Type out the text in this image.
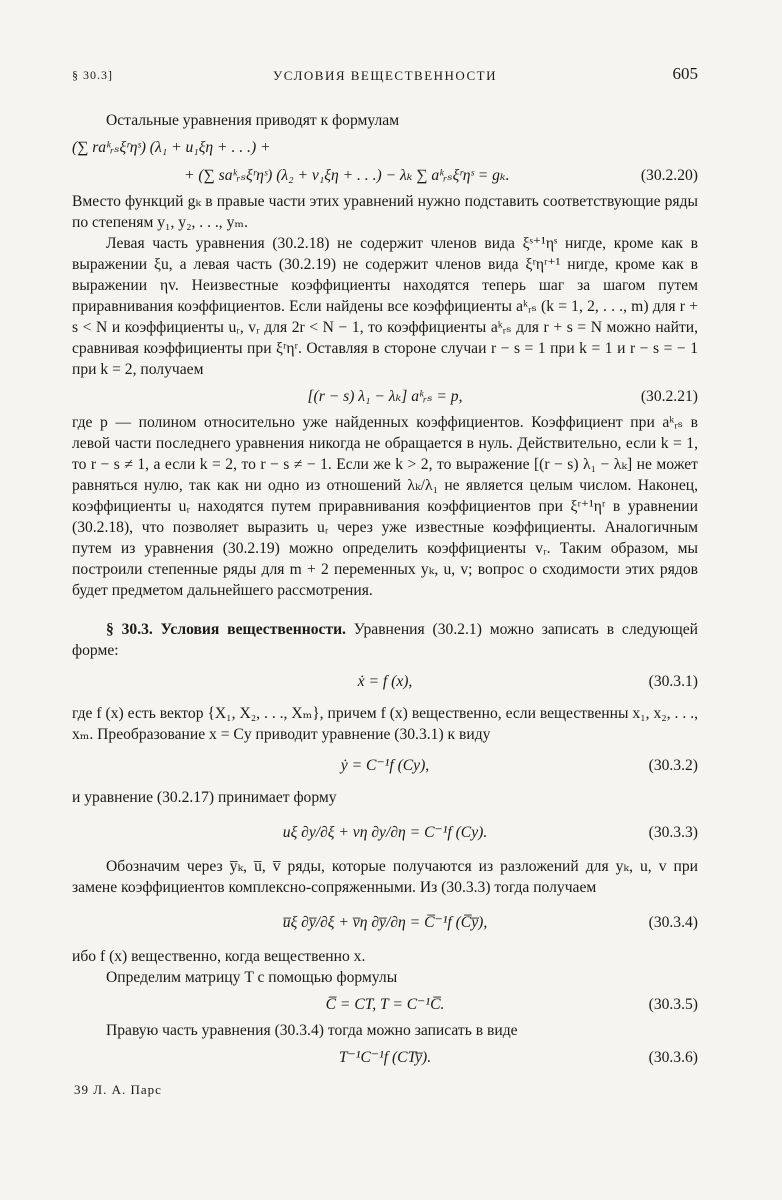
§ 30.3]	УСЛОВИЯ ВЕЩЕСТВЕННОСТИ	605

Остальные уравнения приводят к формулам

(∑ raᵏᵣₛξʳηˢ) (λ₁ + u₁ξη + . . .) +
+ (∑ saᵏᵣₛξʳηˢ) (λ₂ + v₁ξη + . . .) − λₖ ∑ aᵏᵣₛξʳηˢ = gₖ.	(30.2.20)

Вместо функций gₖ в правые части этих уравнений нужно подставить соответствующие ряды по степеням y₁, y₂, . . ., yₘ.

Левая часть уравнения (30.2.18) не содержит членов вида ξˢ⁺¹ηˢ нигде, кроме как в выражении ξu, а левая часть (30.2.19) не содержит членов вида ξʳηʳ⁺¹ нигде, кроме как в выражении ηv. Неизвестные коэффициенты находятся теперь шаг за шагом путем приравнивания коэффициентов. Если найдены все коэффициенты aᵏᵣₛ (k = 1, 2, . . ., m) для r + s < N и коэффициенты uᵣ, vᵣ для 2r < N − 1, то коэффициенты aᵏᵣₛ для r + s = N можно найти, сравнивая коэффициенты при ξʳηʳ. Оставляя в стороне случаи r − s = 1 при k = 1 и r − s = − 1 при k = 2, получаем

[(r − s) λ₁ − λₖ] aᵏᵣₛ = p,	(30.2.21)

где p — полином относительно уже найденных коэффициентов. Коэффициент при aᵏᵣₛ в левой части последнего уравнения никогда не обращается в нуль. Действительно, если k = 1, то r − s ≠ 1, а если k = 2, то r − s ≠ − 1. Если же k > 2, то выражение [(r − s) λ₁ − λₖ] не может равняться нулю, так как ни одно из отношений λₖ/λ₁ не является целым числом. Наконец, коэффициенты uᵣ находятся путем приравнивания коэффициентов при ξʳ⁺¹ηʳ в уравнении (30.2.18), что позволяет выразить uᵣ через уже известные коэффициенты. Аналогичным путем из уравнения (30.2.19) можно определить коэффициенты vᵣ. Таким образом, мы построили степенные ряды для m + 2 переменных yₖ, u, v; вопрос о сходимости этих рядов будет предметом дальнейшего рассмотрения.

§ 30.3. Условия вещественности. Уравнения (30.2.1) можно записать в следующей форме:

ẋ = f (x),	(30.3.1)

где f (x) есть вектор {X₁, X₂, . . ., Xₘ}, причем f (x) вещественно, если вещественны x₁, x₂, . . ., xₘ. Преобразование x = Cy приводит уравнение (30.3.1) к виду

ẏ = C⁻¹f (Cy),	(30.3.2)

и уравнение (30.2.17) принимает форму

uξ ∂y/∂ξ + vη ∂y/∂η = C⁻¹f (Cy).	(30.3.3)

Обозначим через y̅ₖ, u̅, v̅ ряды, которые получаются из разложений для yₖ, u, v при замене коэффициентов комплексно-сопряженными. Из (30.3.3) тогда получаем

u̅ξ ∂y̅/∂ξ + v̅η ∂y̅/∂η = C̅⁻¹f (C̅y̅),	(30.3.4)

ибо f (x) вещественно, когда вещественно x.

Определим матрицу T с помощью формулы

C̅ = CT, T = C⁻¹C̅.	(30.3.5)

Правую часть уравнения (30.3.4) тогда можно записать в виде

T⁻¹C⁻¹f (CTy̅).	(30.3.6)
39 Л. А. Парс
